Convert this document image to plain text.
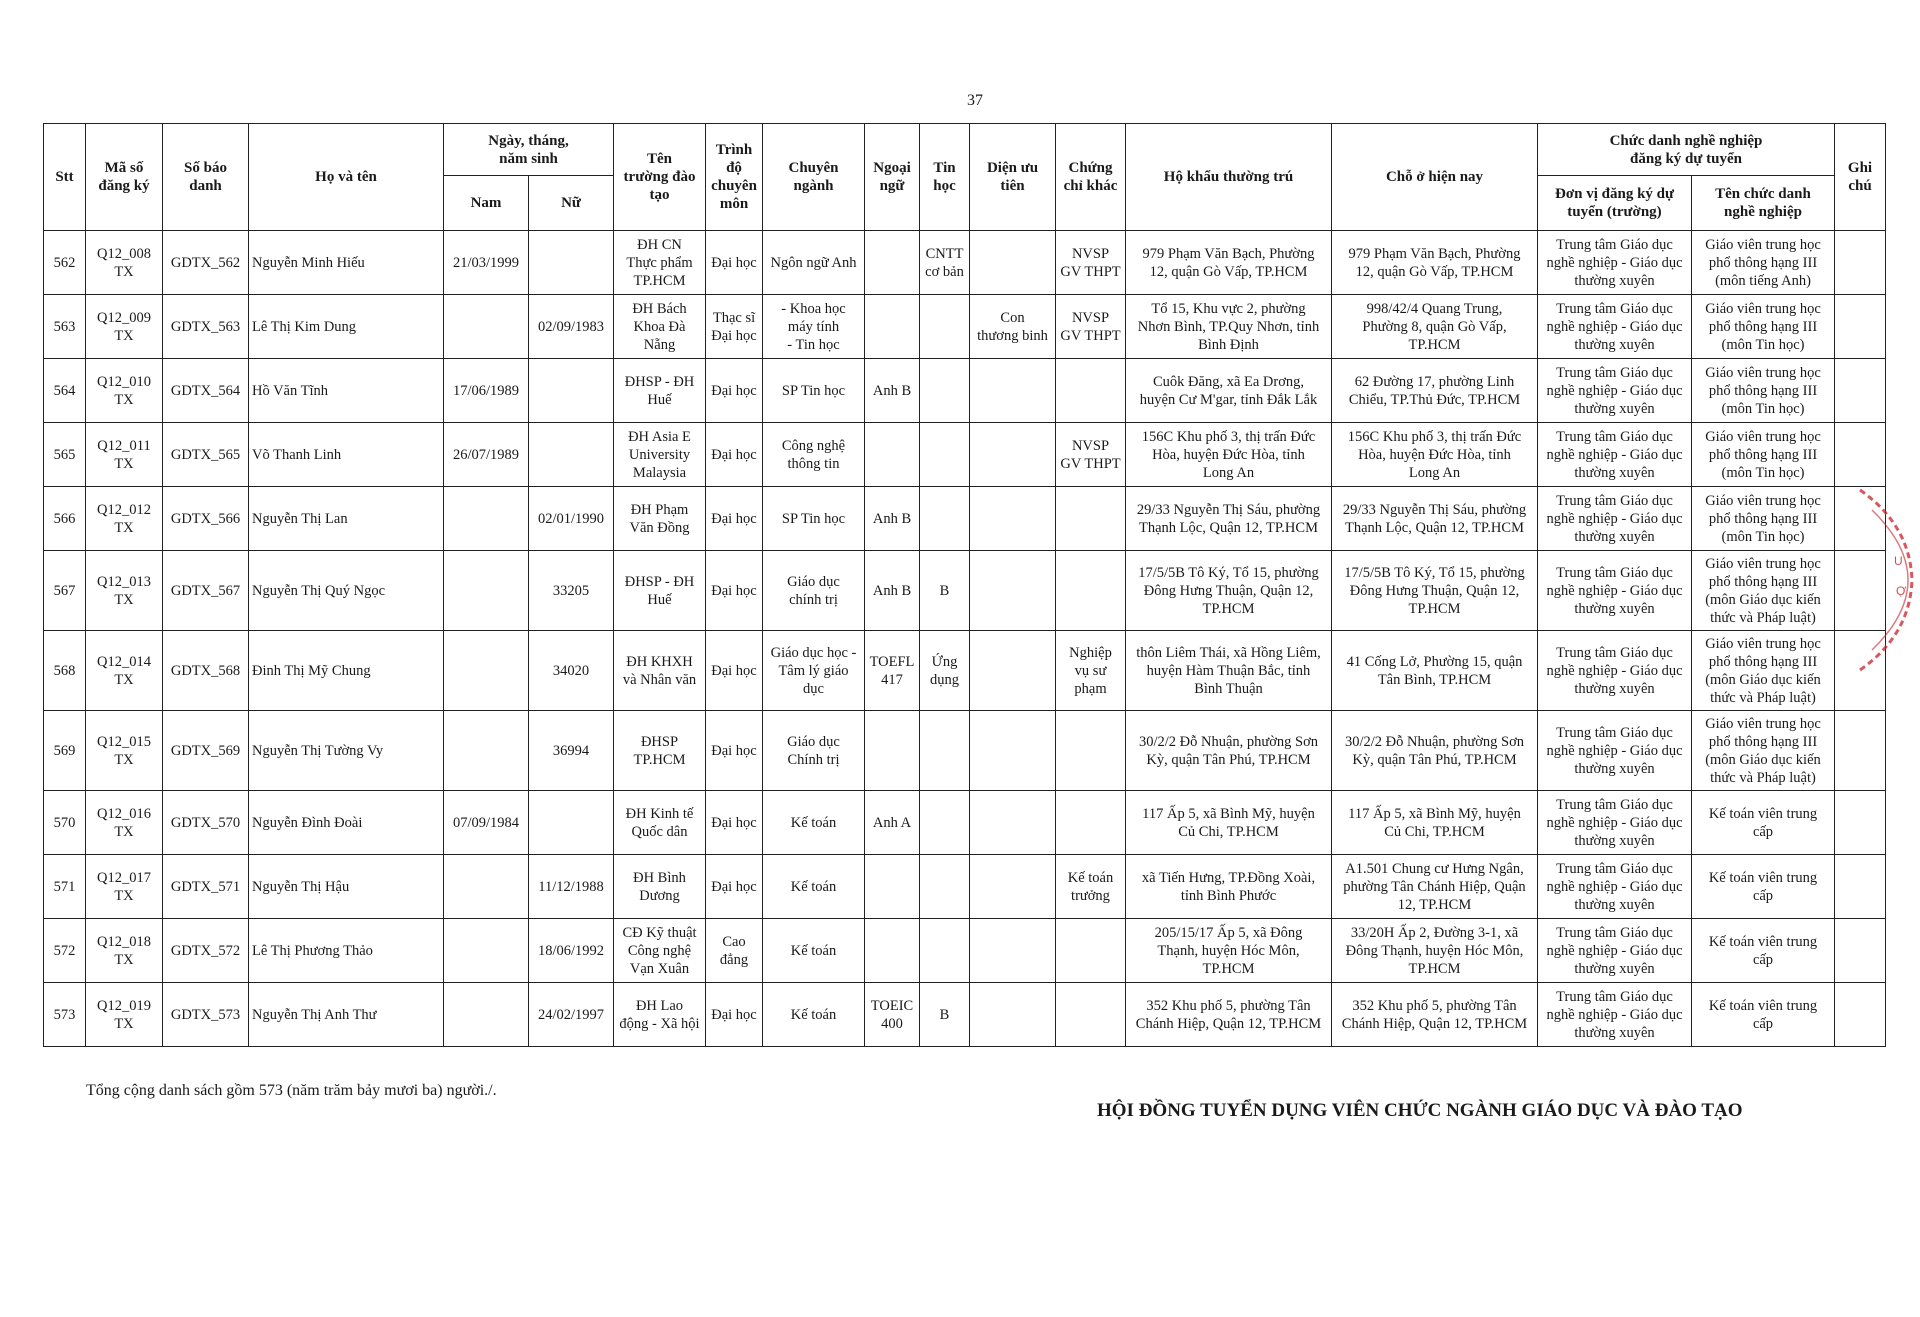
37
Stt	Mã số
đăng ký	Số báo
danh	Họ và tên	Ngày, tháng,
năm sinh		Tên
trường đào
tạo	Trình
độ
chuyên
môn	Chuyên
ngành	Ngoại
ngữ	Tin
học	Diện ưu
tiên	Chứng
chỉ khác	Hộ khẩu thường trú	Chỗ ở hiện nay	Chức danh nghề nghiệp
đăng ký dự tuyển		Ghi
chú
				Nam	Nữ										Đơn vị đăng ký dự
tuyển (trường)	Tên chức danh
nghề nghiệp	
562	Q12_008
TX	GDTX_562	Nguyễn Minh Hiếu	21/03/1999		ĐH CN
Thực phẩm
TP.HCM	Đại học	Ngôn ngữ Anh		CNTT
cơ bản		NVSP
GV THPT	979 Phạm Văn Bạch, Phường
12, quận Gò Vấp, TP.HCM	979 Phạm Văn Bạch, Phường
12, quận Gò Vấp, TP.HCM	Trung tâm Giáo dục
nghề nghiệp - Giáo dục
thường xuyên	Giáo viên trung học
phổ thông hạng III
(môn tiếng Anh)	
563	Q12_009
TX	GDTX_563	Lê Thị Kim Dung		02/09/1983	ĐH Bách
Khoa Đà
Nẵng	Thạc sĩ
Đại học	- Khoa học
máy tính
- Tin học			Con
thương binh	NVSP
GV THPT	Tổ 15, Khu vực 2, phường
Nhơn Bình, TP.Quy Nhơn, tỉnh
Bình Định	998/42/4 Quang Trung,
Phường 8, quận Gò Vấp,
TP.HCM	Trung tâm Giáo dục
nghề nghiệp - Giáo dục
thường xuyên	Giáo viên trung học
phổ thông hạng III
(môn Tin học)	
564	Q12_010
TX	GDTX_564	Hồ Văn Tĩnh	17/06/1989		ĐHSP - ĐH
Huế	Đại học	SP Tin học	Anh B				Cuôk Đăng, xã Ea Drơng,
huyện Cư M'gar, tỉnh Đắk Lắk	62 Đường 17, phường Linh
Chiểu, TP.Thủ Đức, TP.HCM	Trung tâm Giáo dục
nghề nghiệp - Giáo dục
thường xuyên	Giáo viên trung học
phổ thông hạng III
(môn Tin học)	
565	Q12_011
TX	GDTX_565	Võ Thanh Linh	26/07/1989		ĐH Asia E
University
Malaysia	Đại học	Công nghệ
thông tin				NVSP
GV THPT	156C Khu phố 3, thị trấn Đức
Hòa, huyện Đức Hòa, tỉnh
Long An	156C Khu phố 3, thị trấn Đức
Hòa, huyện Đức Hòa, tỉnh
Long An	Trung tâm Giáo dục
nghề nghiệp - Giáo dục
thường xuyên	Giáo viên trung học
phổ thông hạng III
(môn Tin học)	
566	Q12_012
TX	GDTX_566	Nguyễn Thị Lan		02/01/1990	ĐH Phạm
Văn Đồng	Đại học	SP Tin học	Anh B				29/33 Nguyễn Thị Sáu, phường
Thạnh Lộc, Quận 12, TP.HCM	29/33 Nguyễn Thị Sáu, phường
Thạnh Lộc, Quận 12, TP.HCM	Trung tâm Giáo dục
nghề nghiệp - Giáo dục
thường xuyên	Giáo viên trung học
phổ thông hạng III
(môn Tin học)	
567	Q12_013
TX	GDTX_567	Nguyễn Thị Quý Ngọc		33205	ĐHSP - ĐH
Huế	Đại học	Giáo dục
chính trị	Anh B	B			17/5/5B Tô Ký, Tổ 15, phường
Đông Hưng Thuận, Quận 12,
TP.HCM	17/5/5B Tô Ký, Tổ 15, phường
Đông Hưng Thuận, Quận 12,
TP.HCM	Trung tâm Giáo dục
nghề nghiệp - Giáo dục
thường xuyên	Giáo viên trung học
phổ thông hạng III
(môn Giáo dục kiến
thức và Pháp luật)	
568	Q12_014
TX	GDTX_568	Đinh Thị Mỹ Chung		34020	ĐH KHXH
và Nhân văn	Đại học	Giáo dục học -
Tâm lý giáo
dục	TOEFL
417	Ứng
dụng		Nghiệp
vụ sư
phạm	thôn Liêm Thái, xã Hồng Liêm,
huyện Hàm Thuận Bắc, tỉnh
Bình Thuận	41 Cống Lở, Phường 15, quận
Tân Bình, TP.HCM	Trung tâm Giáo dục
nghề nghiệp - Giáo dục
thường xuyên	Giáo viên trung học
phổ thông hạng III
(môn Giáo dục kiến
thức và Pháp luật)	
569	Q12_015
TX	GDTX_569	Nguyễn Thị Tường Vy		36994	ĐHSP
TP.HCM	Đại học	Giáo dục
Chính trị					30/2/2 Đỗ Nhuận, phường Sơn
Kỳ, quận Tân Phú, TP.HCM	30/2/2 Đỗ Nhuận, phường Sơn
Kỳ, quận Tân Phú, TP.HCM	Trung tâm Giáo dục
nghề nghiệp - Giáo dục
thường xuyên	Giáo viên trung học
phổ thông hạng III
(môn Giáo dục kiến
thức và Pháp luật)	
570	Q12_016
TX	GDTX_570	Nguyễn Đình Đoài	07/09/1984		ĐH Kinh tế
Quốc dân	Đại học	Kế toán	Anh A				117 Ấp 5, xã Bình Mỹ, huyện
Củ Chi, TP.HCM	117 Ấp 5, xã Bình Mỹ, huyện
Củ Chi, TP.HCM	Trung tâm Giáo dục
nghề nghiệp - Giáo dục
thường xuyên	Kế toán viên trung
cấp	
571	Q12_017
TX	GDTX_571	Nguyễn Thị Hậu		11/12/1988	ĐH Bình
Dương	Đại học	Kế toán				Kế toán
trưởng	xã Tiến Hưng, TP.Đồng Xoài,
tỉnh Bình Phước	A1.501 Chung cư Hưng Ngân,
phường Tân Chánh Hiệp, Quận
12, TP.HCM	Trung tâm Giáo dục
nghề nghiệp - Giáo dục
thường xuyên	Kế toán viên trung
cấp	
572	Q12_018
TX	GDTX_572	Lê Thị Phương Thảo		18/06/1992	CĐ Kỹ thuật
Công nghệ
Vạn Xuân	Cao
đẳng	Kế toán					205/15/17 Ấp 5, xã Đông
Thạnh, huyện Hóc Môn,
TP.HCM	33/20H Ấp 2, Đường 3-1, xã
Đông Thạnh, huyện Hóc Môn,
TP.HCM	Trung tâm Giáo dục
nghề nghiệp - Giáo dục
thường xuyên	Kế toán viên trung
cấp	
573	Q12_019
TX	GDTX_573	Nguyễn Thị Anh Thư		24/02/1997	ĐH Lao
động - Xã hội	Đại học	Kế toán	TOEIC
400	B			352 Khu phố 5, phường Tân
Chánh Hiệp, Quận 12, TP.HCM	352 Khu phố 5, phường Tân
Chánh Hiệp, Quận 12, TP.HCM	Trung tâm Giáo dục
nghề nghiệp - Giáo dục
thường xuyên	Kế toán viên trung
cấp	
Tổng cộng danh sách gồm 573 (năm trăm bảy mươi ba) người./.
HỘI ĐỒNG TUYỂN DỤNG VIÊN CHỨC NGÀNH GIÁO DỤC VÀ ĐÀO TẠO
U
Ợ
